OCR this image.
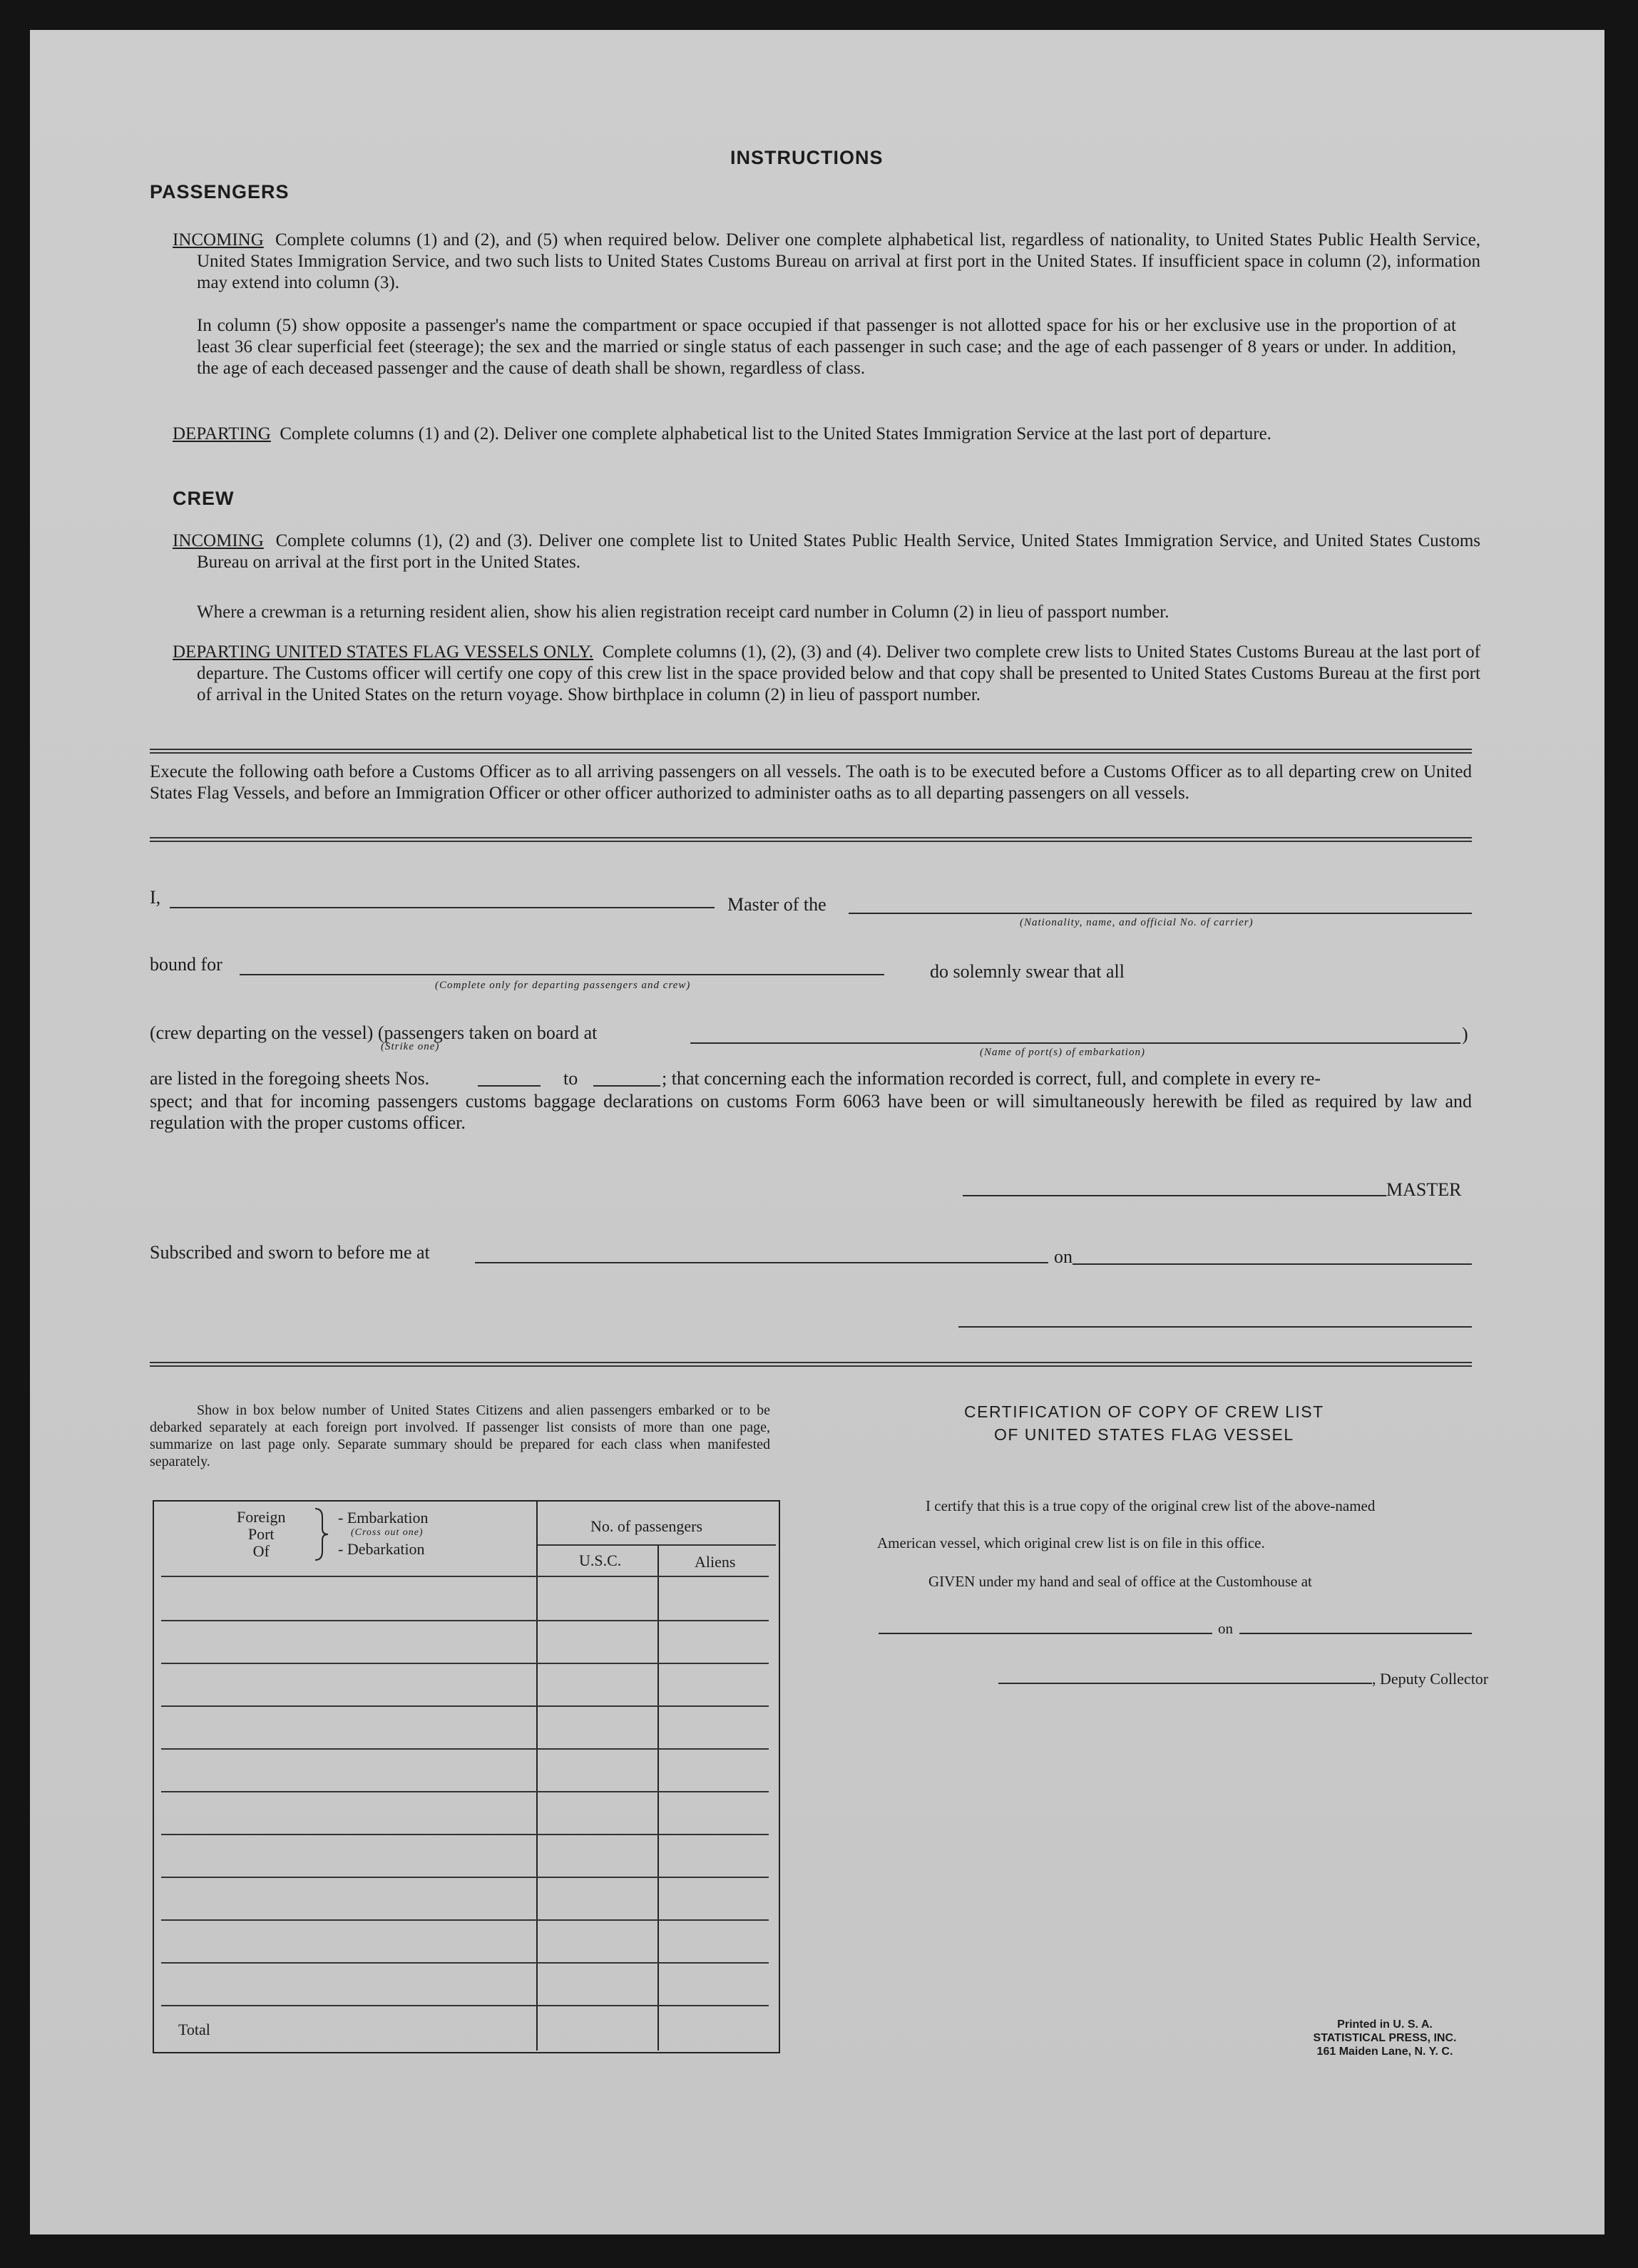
INSTRUCTIONS
PASSENGERS
INCOMING Complete columns (1) and (2), and (5) when required below. Deliver one complete alphabetical list, regardless of nationality, to United States Public Health Service, United States Immigration Service, and two such lists to United States Customs Bureau on arrival at first port in the United States. If insufficient space in column (2), information may extend into column (3).
In column (5) show opposite a passenger's name the compartment or space occupied if that passenger is not allotted space for his or her exclusive use in the proportion of at least 36 clear superficial feet (steerage); the sex and the married or single status of each passenger in such case; and the age of each passenger of 8 years or under. In addition, the age of each deceased passenger and the cause of death shall be shown, regardless of class.
DEPARTING Complete columns (1) and (2). Deliver one complete alphabetical list to the United States Immigration Service at the last port of departure.
CREW
INCOMING Complete columns (1), (2) and (3). Deliver one complete list to United States Public Health Service, United States Immigration Service, and United States Customs Bureau on arrival at the first port in the United States.
Where a crewman is a returning resident alien, show his alien registration receipt card number in Column (2) in lieu of passport number.
DEPARTING UNITED STATES FLAG VESSELS ONLY. Complete columns (1), (2), (3) and (4). Deliver two complete crew lists to United States Customs Bureau at the last port of departure. The Customs officer will certify one copy of this crew list in the space provided below and that copy shall be presented to United States Customs Bureau at the first port of arrival in the United States on the return voyage. Show birthplace in column (2) in lieu of passport number.
Execute the following oath before a Customs Officer as to all arriving passengers on all vessels. The oath is to be executed before a Customs Officer as to all departing crew on United States Flag Vessels, and before an Immigration Officer or other officer authorized to administer oaths as to all departing passengers on all vessels.
I,	Master of the
(Nationality, name, and official No. of carrier)
bound for
(Complete only for departing passengers and crew)
do solemnly swear that all
(crew departing on the vessel) (passengers taken on board at
(Strike one)
)
(Name of port(s) of embarkation)
are listed in the foregoing sheets Nos.	to	; that concerning each the information recorded is correct, full, and complete in every re-
spect; and that for incoming passengers customs baggage declarations on customs Form 6063 have been or will simultaneously herewith be filed as required by law and regulation with the proper customs officer.
MASTER
Subscribed and sworn to before me at	on
Show in box below number of United States Citizens and alien passengers embarked or to be debarked separately at each foreign port involved. If passenger list consists of more than one page, summarize on last page only. Separate summary should be prepared for each class when manifested separately.
Foreign
Port
Of
- Embarkation
(Cross out one)
- Debarkation
No. of passengers
U.S.C.	Aliens
Total
CERTIFICATION OF COPY OF CREW LIST
OF UNITED STATES FLAG VESSEL
I certify that this is a true copy of the original crew list of the above-named
American vessel, which original crew list is on file in this office.
GIVEN under my hand and seal of office at the Customhouse at
on
, Deputy Collector
Printed in U. S. A.
STATISTICAL PRESS, INC.
161 Maiden Lane, N. Y. C.
